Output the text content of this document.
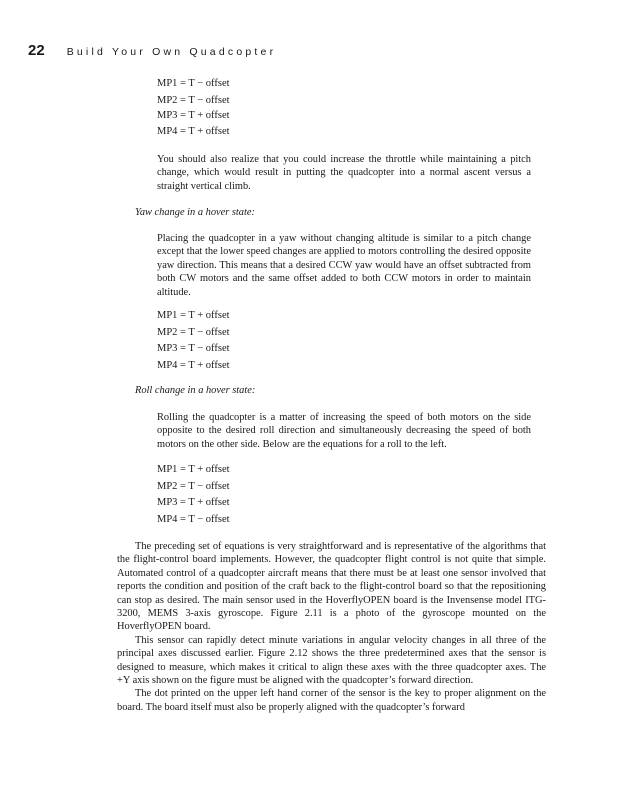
22 Build Your Own Quadcopter
MP1 = T − offset
MP2 = T − offset
MP3 = T + offset
MP4 = T + offset

You should also realize that you could increase the throttle while maintaining a pitch change, which would result in putting the quadcopter into a normal ascent versus a straight vertical climb.

Yaw change in a hover state:

Placing the quadcopter in a yaw without changing altitude is similar to a pitch change except that the lower speed changes are applied to motors controlling the desired opposite yaw direction. This means that a desired CCW yaw would have an offset subtracted from both CW motors and the same offset added to both CCW motors in order to maintain altitude.

MP1 = T + offset
MP2 = T − offset
MP3 = T − offset
MP4 = T + offset

Roll change in a hover state:

Rolling the quadcopter is a matter of increasing the speed of both motors on the side opposite to the desired roll direction and simultaneously decreasing the speed of both motors on the other side. Below are the equations for a roll to the left.

MP1 = T + offset
MP2 = T − offset
MP3 = T + offset
MP4 = T − offset

The preceding set of equations is very straightforward and is representative of the algorithms that the flight-control board implements. However, the quadcopter flight control is not quite that simple. Automated control of a quadcopter aircraft means that there must be at least one sensor involved that reports the condition and position of the craft back to the flight-control board so that the repositioning can stop as desired. The main sensor used in the HoverflyOPEN board is the Invensense model ITG-3200, MEMS 3-axis gyroscope. Figure 2.11 is a photo of the gyroscope mounted on the HoverflyOPEN board.

This sensor can rapidly detect minute variations in angular velocity changes in all three of the principal axes discussed earlier. Figure 2.12 shows the three predetermined axes that the sensor is designed to measure, which makes it critical to align these axes with the three quadcopter axes. The +Y axis shown on the figure must be aligned with the quadcopter’s forward direction.

The dot printed on the upper left hand corner of the sensor is the key to proper alignment on the board. The board itself must also be properly aligned with the quadcopter’s forward
